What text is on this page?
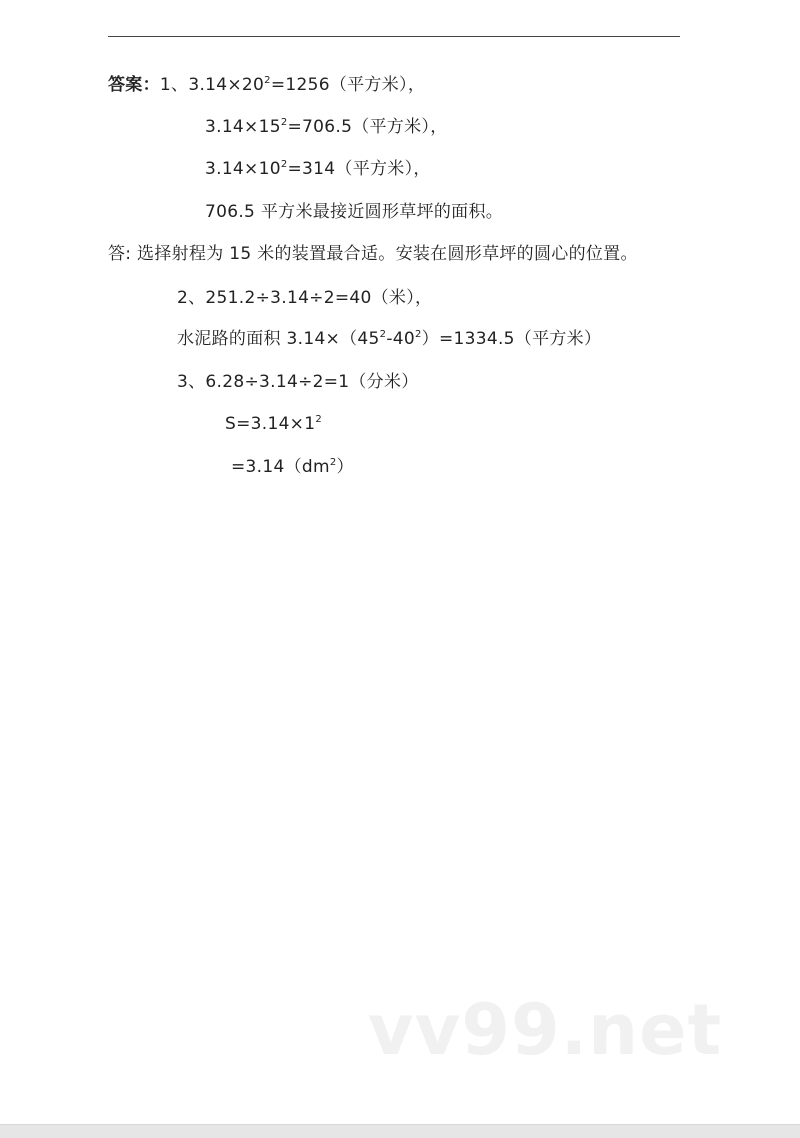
答案：1、$3.14\times 20^2=1256$（平方米），
$3.14\times 15^2=706.5$（平方米），
$3.14\times 10^2=314$（平方米），
706.5 平方米最接近圆形草坪的面积。
答: 选择射程为 15 米的装置最合适。安装在圆形草坪的圆心的位置。
2、251.2÷3.14÷2=40（米），
水泥路的面积 $3.14\times(45^2-40^2)=1334.5$（平方米）
3、6.28÷3.14÷2=1（分米）
$S=3.14\times 1^2$
$=3.14(dm^2)$
vv99.net
